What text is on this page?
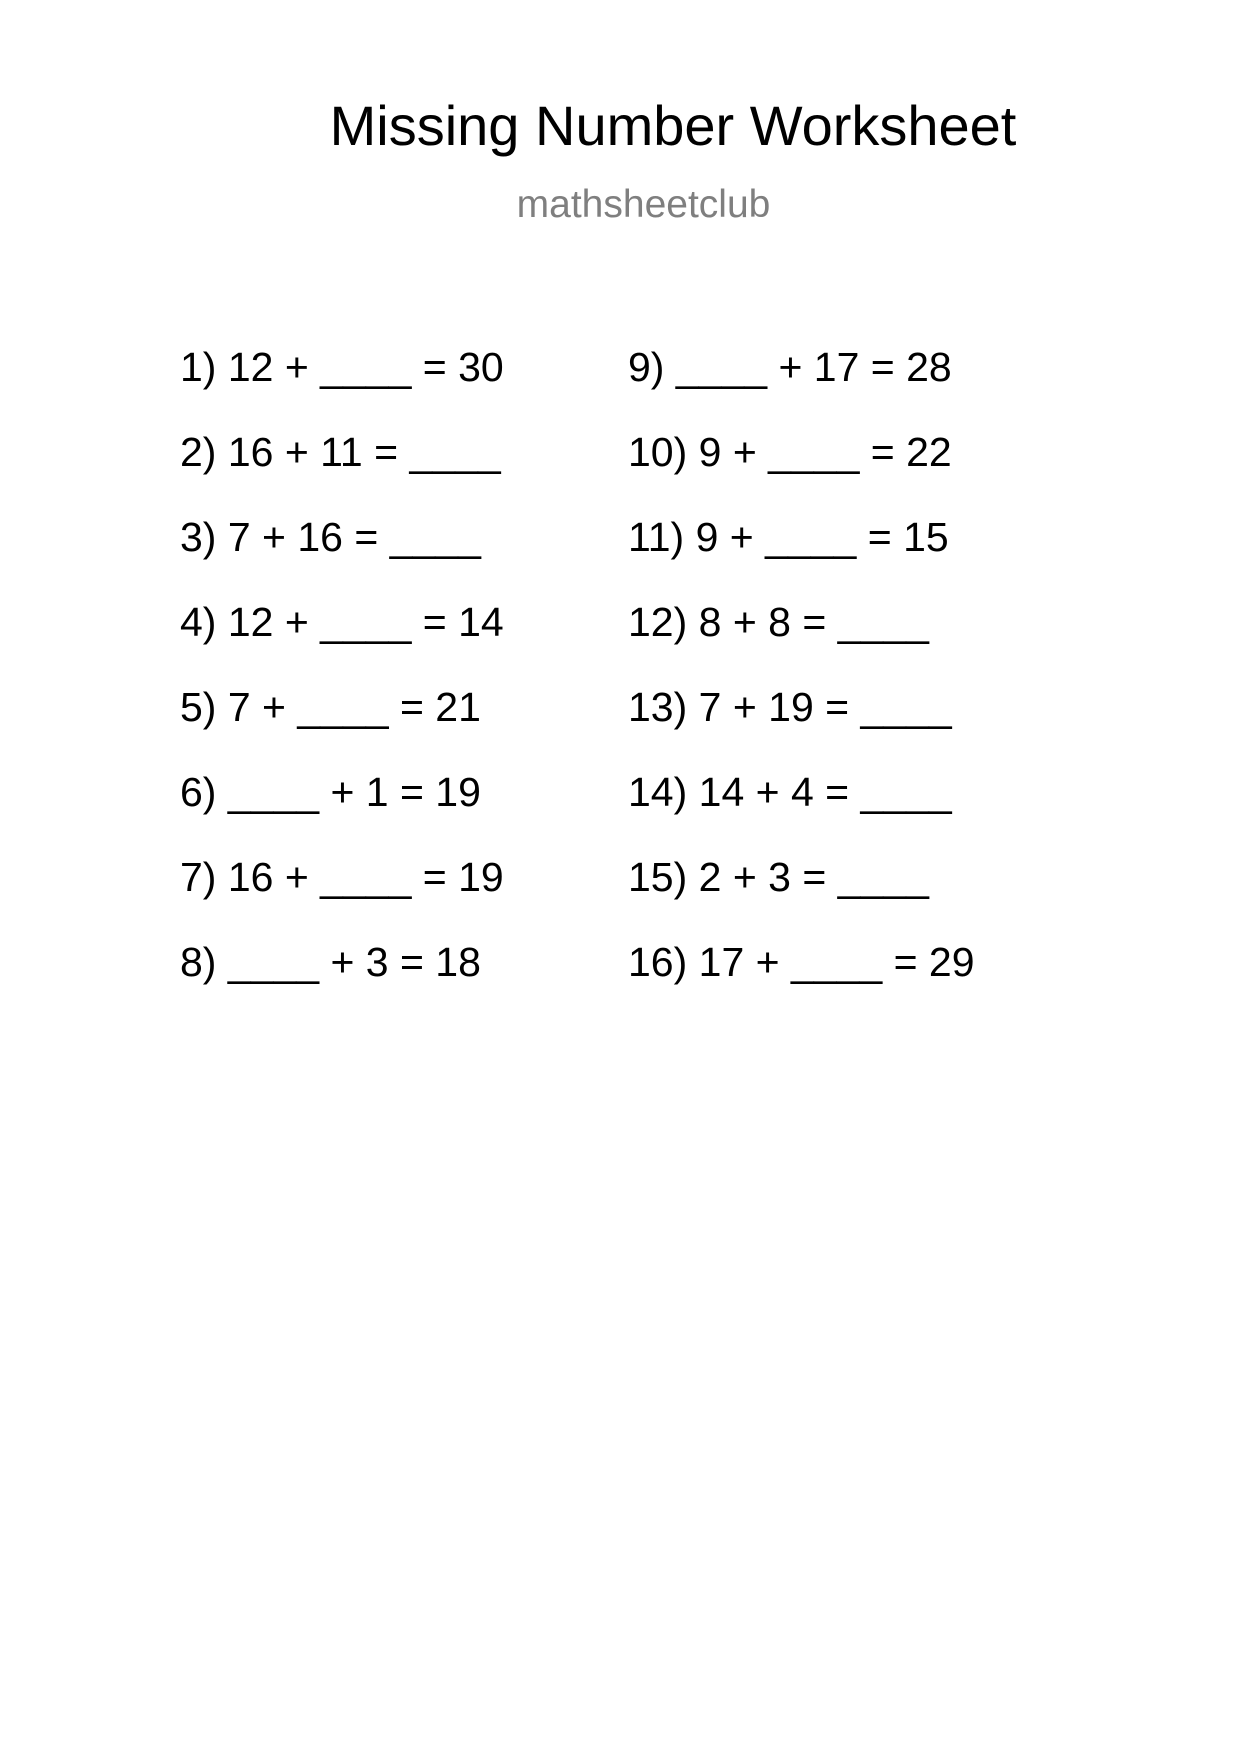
Missing Number Worksheet
mathsheetclub
1) 12 + ____ = 30
2) 16 + 11 = ____
3) 7 + 16 = ____
4) 12 + ____ = 14
5) 7 + ____ = 21
6) ____ + 1 = 19
7) 16 + ____ = 19
8) ____ + 3 = 18
9) ____ + 17 = 28
10) 9 + ____ = 22
11) 9 + ____ = 15
12) 8 + 8 = ____
13) 7 + 19 = ____
14) 14 + 4 = ____
15) 2 + 3 = ____
16) 17 + ____ = 29
